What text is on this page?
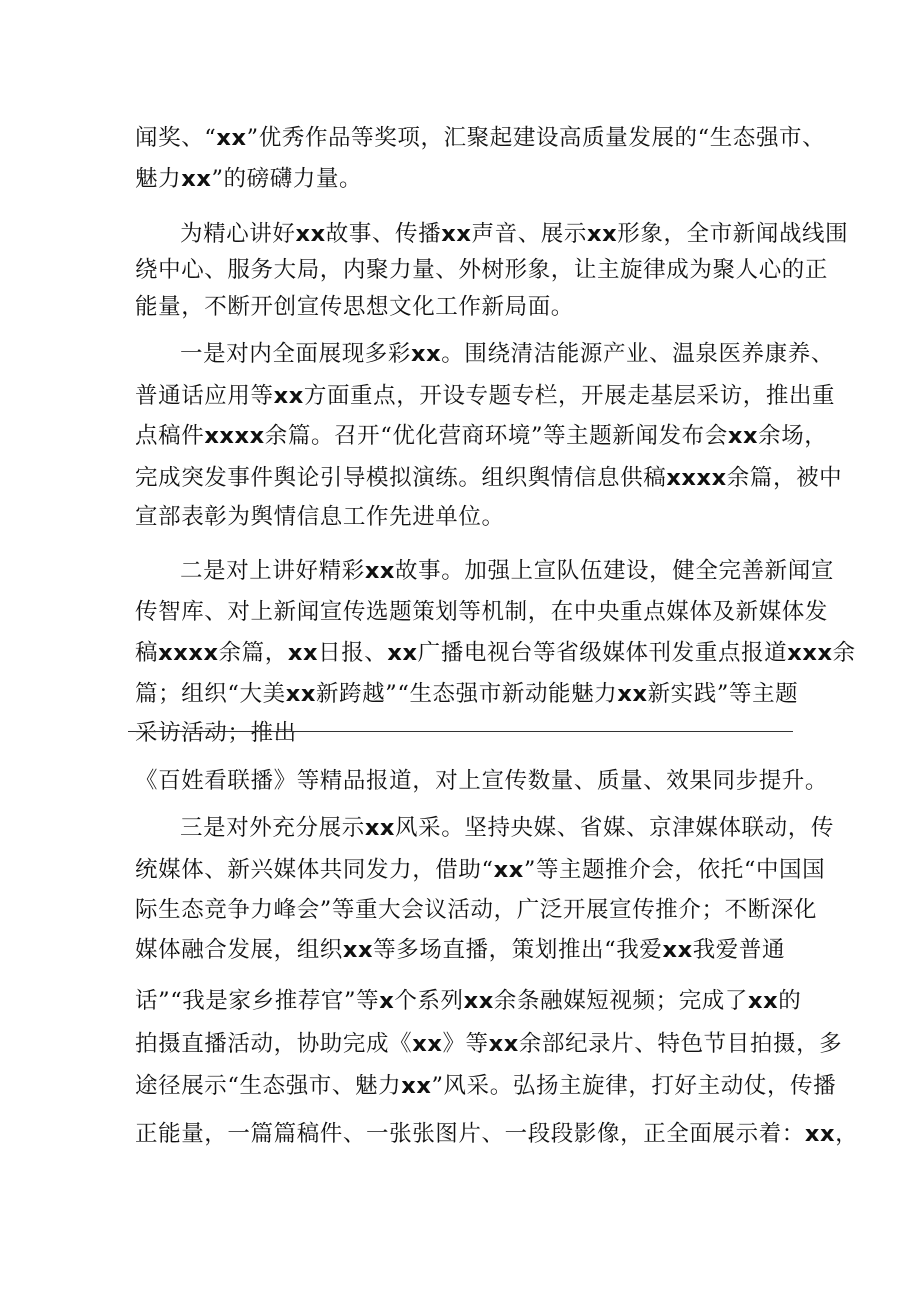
闻奖、“xx”优秀作品等奖项，汇聚起建设高质量发展的“生态强市、

魅力xx”的磅礴力量。

为精心讲好xx故事、传播xx声音、展示xx形象，全市新闻战线围

绕中心、服务大局，内聚力量、外树形象，让主旋律成为聚人心的正

能量，不断开创宣传思想文化工作新局面。

一是对内全面展现多彩xx。围绕清洁能源产业、温泉医养康养、

普通话应用等xx方面重点，开设专题专栏，开展走基层采访，推出重

点稿件xxxx余篇。召开“优化营商环境”等主题新闻发布会xx余场，

完成突发事件舆论引导模拟演练。组织舆情信息供稿xxxx余篇，被中

宣部表彰为舆情信息工作先进单位。

二是对上讲好精彩xx故事。加强上宣队伍建设，健全完善新闻宣

传智库、对上新闻宣传选题策划等机制，在中央重点媒体及新媒体发

稿xxxx余篇，xx日报、xx广播电视台等省级媒体刊发重点报道xxx余

篇；组织“大美xx新跨越”“生态强市新动能魅力xx新实践”等主题

采访活动；推出

《百姓看联播》等精品报道，对上宣传数量、质量、效果同步提升。

三是对外充分展示xx风采。坚持央媒、省媒、京津媒体联动，传

统媒体、新兴媒体共同发力，借助“xx”等主题推介会，依托“中国国

际生态竞争力峰会”等重大会议活动，广泛开展宣传推介；不断深化

媒体融合发展，组织xx等多场直播，策划推出“我爱xx我爱普通

话”“我是家乡推荐官”等x个系列xx余条融媒短视频；完成了xx的

拍摄直播活动，协助完成《xx》等xx余部纪录片、特色节目拍摄，多

途径展示“生态强市、魅力xx”风采。弘扬主旋律，打好主动仗，传播

正能量，一篇篇稿件、一张张图片、一段段影像，正全面展示着：xx，
